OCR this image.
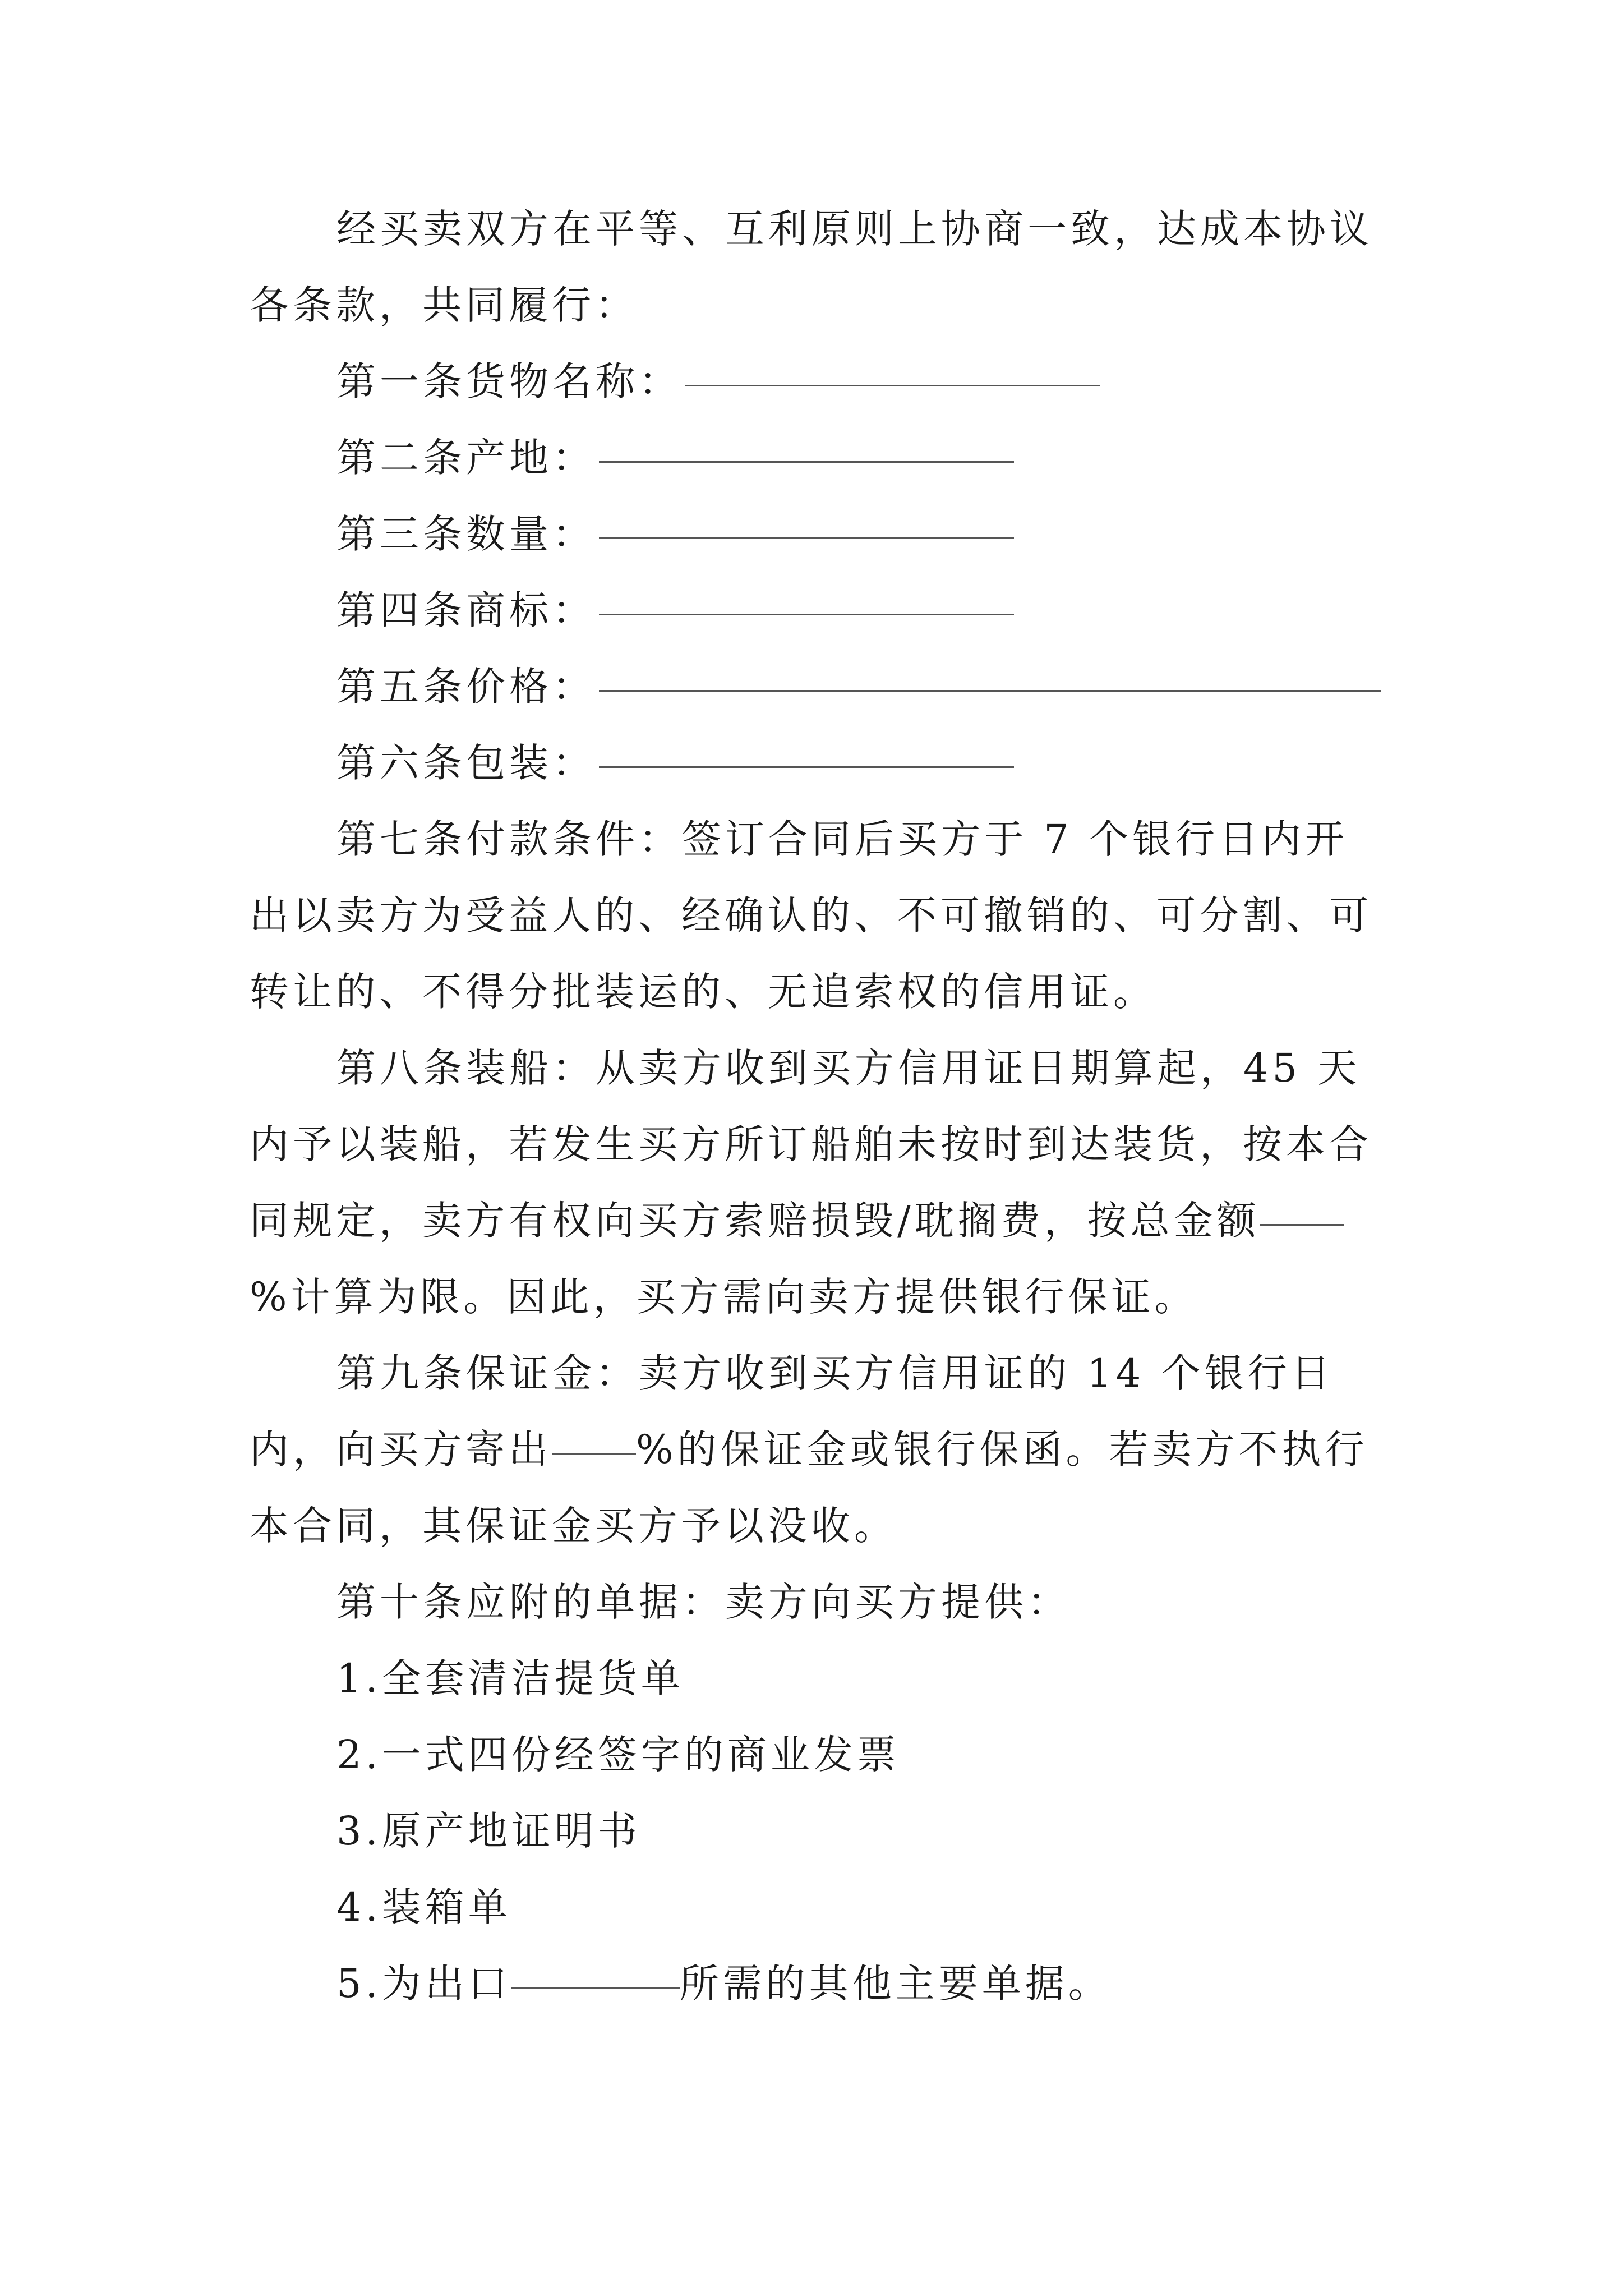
经买卖双方在平等、互利原则上协商一致，达成本协议各条款，共同履行：

第一条货物名称：
第二条产地：
第三条数量：
第四条商标：
第五条价格：
第六条包装：

第七条付款条件：签订合同后买方于 7 个银行日内开出以卖方为受益人的、经确认的、不可撤销的、可分割、可转让的、不得分批装运的、无追索权的信用证。

第八条装船：从卖方收到买方信用证日期算起，45 天内予以装船，若发生买方所订船舶未按时到达装货，按本合同规定，卖方有权向买方索赔损毁/耽搁费，按总金额%计算为限。因此，买方需向卖方提供银行保证。

第九条保证金：卖方收到买方信用证的 14 个银行日内，向买方寄出 %的保证金或银行保函。若卖方不执行本合同，其保证金买方予以没收。

第十条应附的单据：卖方向买方提供：
1.全套清洁提货单
2.一式四份经签字的商业发票
3.原产地证明书
4.装箱单
5.为出口	所需的其他主要单据。
